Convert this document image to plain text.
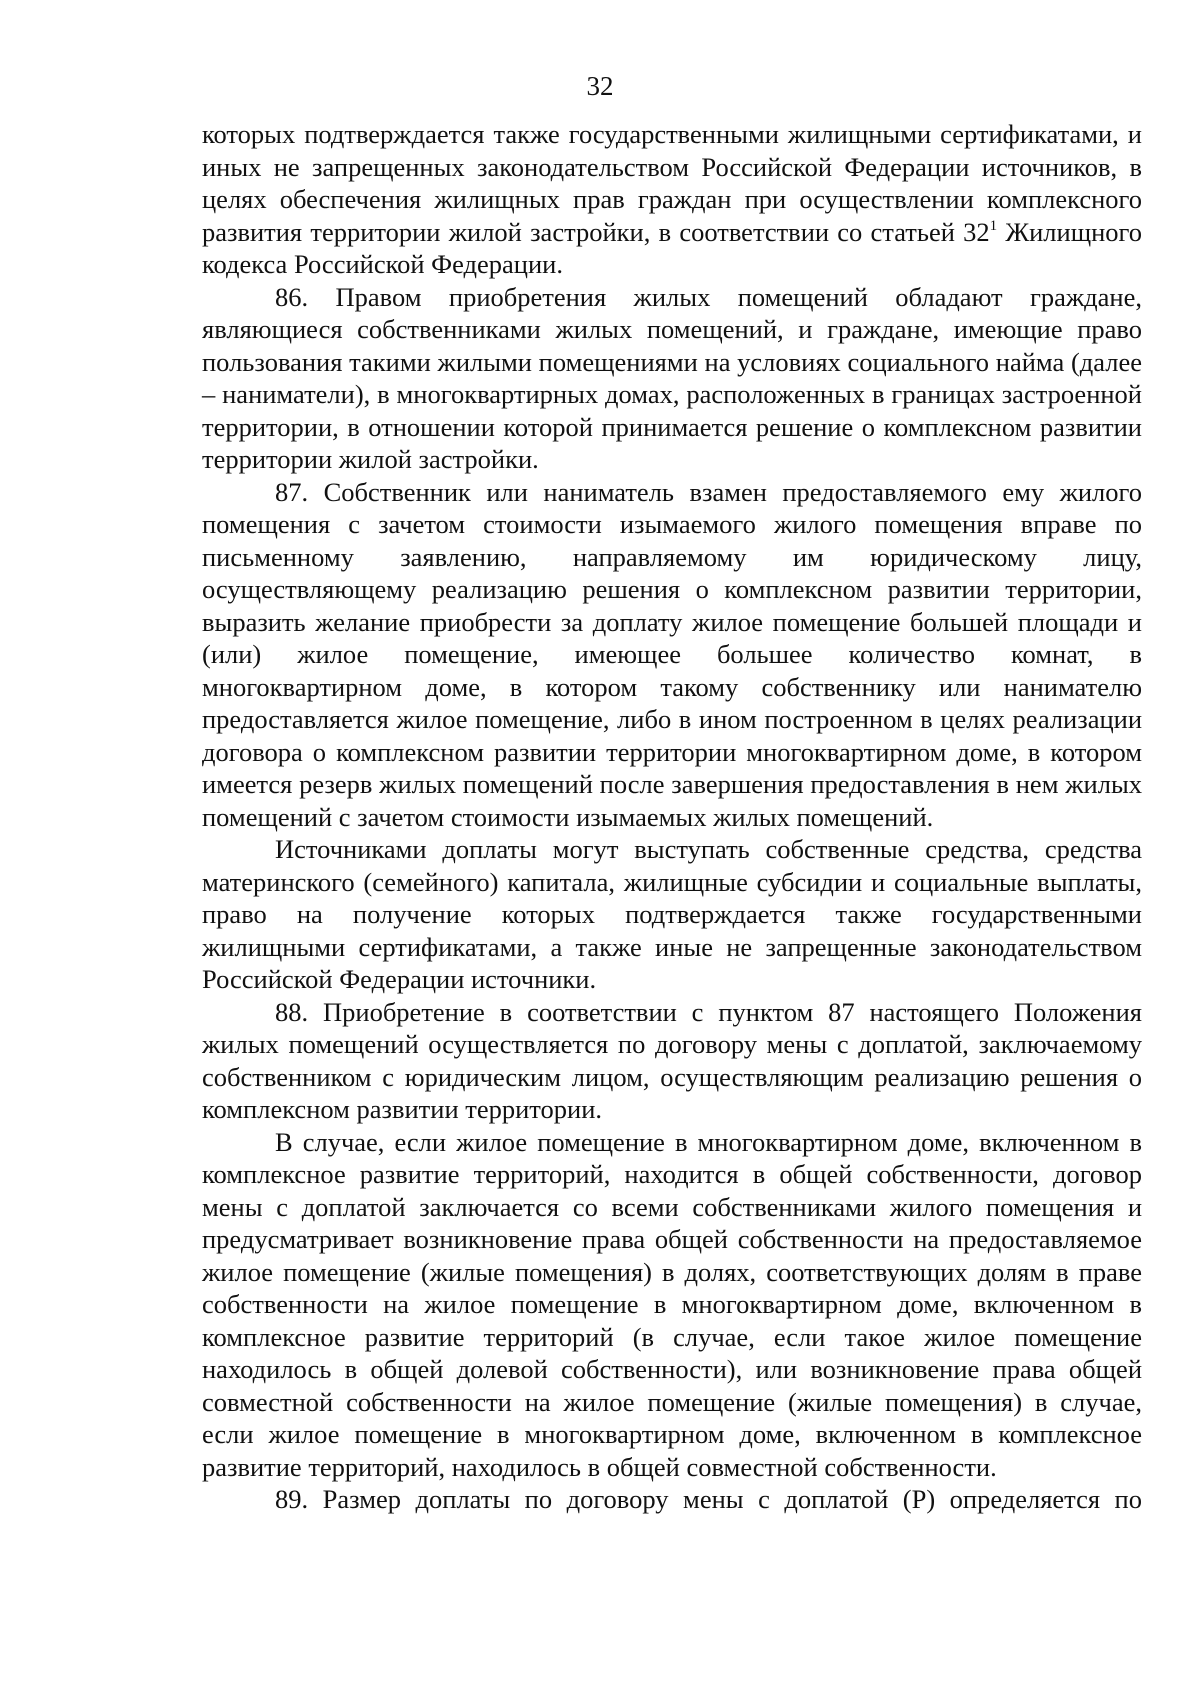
32

которых подтверждается также государственными жилищными сертификатами, и иных не запрещенных законодательством Российской Федерации источников, в целях обеспечения жилищных прав граждан при осуществлении комплексного развития территории жилой застройки, в соответствии со статьей $32^1$ Жилищного кодекса Российской Федерации.

86. Правом приобретения жилых помещений обладают граждане, являющиеся собственниками жилых помещений, и граждане, имеющие право пользования такими жилыми помещениями на условиях социального найма (далее – наниматели), в многоквартирных домах, расположенных в границах застроенной территории, в отношении которой принимается решение о комплексном развитии территории жилой застройки.

87. Собственник или наниматель взамен предоставляемого ему жилого помещения с зачетом стоимости изымаемого жилого помещения вправе по письменному заявлению, направляемому им юридическому лицу, осуществляющему реализацию решения о комплексном развитии территории, выразить желание приобрести за доплату жилое помещение большей площади и (или) жилое помещение, имеющее большее количество комнат, в многоквартирном доме, в котором такому собственнику или нанимателю предоставляется жилое помещение, либо в ином построенном в целях реализации договора о комплексном развитии территории многоквартирном доме, в котором имеется резерв жилых помещений после завершения предоставления в нем жилых помещений с зачетом стоимости изымаемых жилых помещений.

Источниками доплаты могут выступать собственные средства, средства материнского (семейного) капитала, жилищные субсидии и социальные выплаты, право на получение которых подтверждается также государственными жилищными сертификатами, а также иные не запрещенные законодательством Российской Федерации источники.

88. Приобретение в соответствии с пунктом 87 настоящего Положения жилых помещений осуществляется по договору мены с доплатой, заключаемому собственником с юридическим лицом, осуществляющим реализацию решения о комплексном развитии территории.

В случае, если жилое помещение в многоквартирном доме, включенном в комплексное развитие территорий, находится в общей собственности, договор мены с доплатой заключается со всеми собственниками жилого помещения и предусматривает возникновение права общей собственности на предоставляемое жилое помещение (жилые помещения) в долях, соответствующих долям в праве собственности на жилое помещение в многоквартирном доме, включенном в комплексное развитие территорий (в случае, если такое жилое помещение находилось в общей долевой собственности), или возникновение права общей совместной собственности на жилое помещение (жилые помещения) в случае, если жилое помещение в многоквартирном доме, включенном в комплексное развитие территорий, находилось в общей совместной собственности.

89. Размер доплаты по договору мены с доплатой (Р) определяется по
